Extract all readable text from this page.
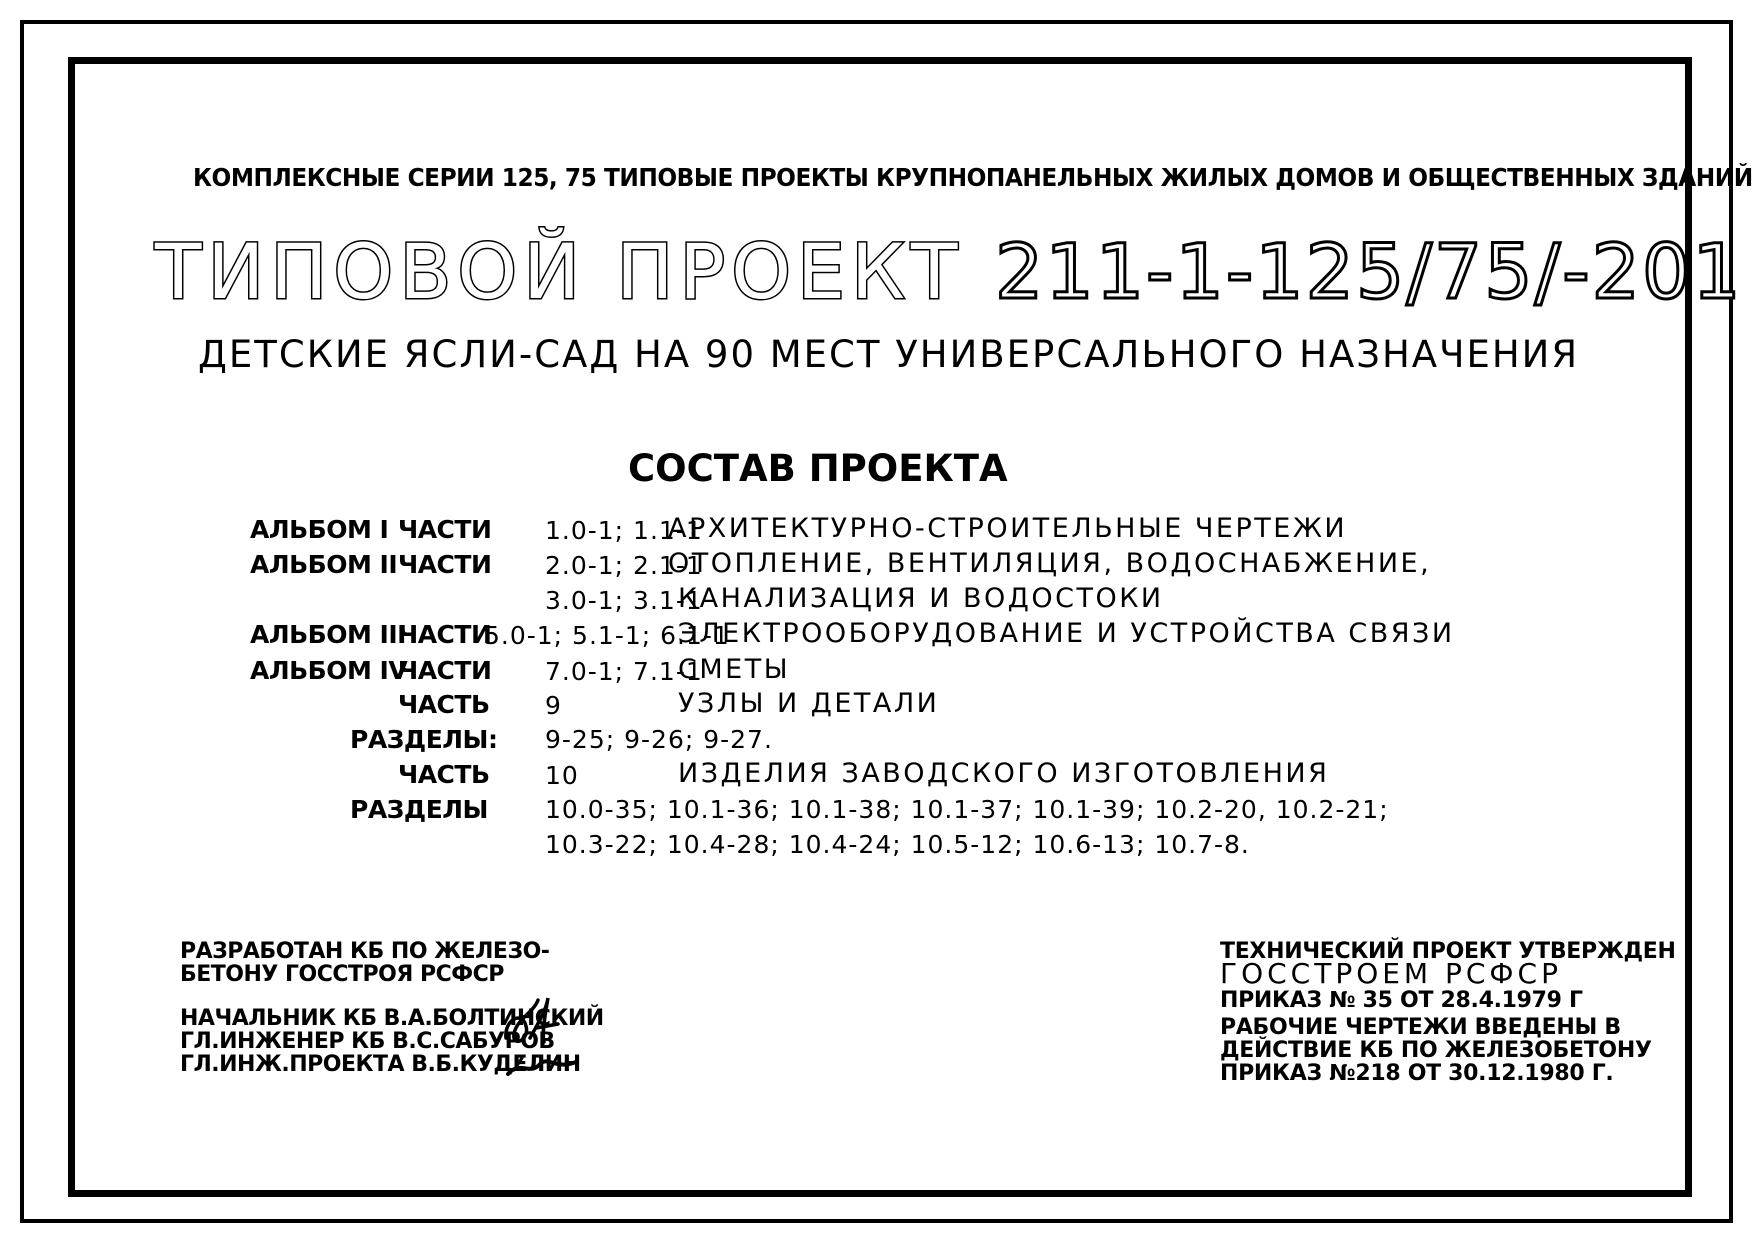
КОМПЛЕКСНЫЕ СЕРИИ 125, 75 ТИПОВЫЕ ПРОЕКТЫ КРУПНОПАНЕЛЬНЫХ ЖИЛЫХ ДОМОВ И ОБЩЕСТВЕННЫХ ЗДАНИЙ
ТИПОВОЙ ПРОЕКТ 211-1-125/75/-201
ДЕТСКИЕ ЯСЛИ-САД НА 90 МЕСТ УНИВЕРСАЛЬНОГО НАЗНАЧЕНИЯ
СОСТАВ ПРОЕКТА
АЛЬБОМ I ЧАСТИ 1.0-1; 1.1-1
АРХИТЕКТУРНО-СТРОИТЕЛЬНЫЕ ЧЕРТЕЖИ
АЛЬБОМ II ЧАСТИ 2.0-1; 2.1-1
ОТОПЛЕНИЕ, ВЕНТИЛЯЦИЯ, ВОДОСНАБЖЕНИЕ,
3.0-1; 3.1-1
КАНАЛИЗАЦИЯ И ВОДОСТОКИ
АЛЬБОМ III
ЧАСТИ
5.0-1; 5.1-1; 6.1-1
ЭЛЕКТРООБОРУДОВАНИЕ И УСТРОЙСТВА СВЯЗИ
АЛЬБОМ IV
ЧАСТИ 7.0-1; 7.1-1
СМЕТЫ
ЧАСТЬ 9	УЗЛЫ И ДЕТАЛИ
РАЗДЕЛЫ: 9-25; 9-26; 9-27.
ЧАСТЬ 10	ИЗДЕЛИЯ ЗАВОДСКОГО ИЗГОТОВЛЕНИЯ
РАЗДЕЛЫ 10.0-35; 10.1-36; 10.1-38; 10.1-37; 10.1-39; 10.2-20, 10.2-21;
10.3-22; 10.4-28; 10.4-24; 10.5-12; 10.6-13; 10.7-8.
РАЗРАБОТАН КБ ПО ЖЕЛЕЗО-
БЕТОНУ ГОССТРОЯ РСФСР
НАЧАЛЬНИК КБ В.А.БОЛТИНСКИЙ
ГЛ.ИНЖЕНЕР КБ В.С.САБУРОВ
ГЛ.ИНЖ.ПРОЕКТА В.Б.КУДЕЛИН
ТЕХНИЧЕСКИЙ ПРОЕКТ УТВЕРЖДЕН
ГОССТРОЕМ РСФСР
ПРИКАЗ № 35 ОТ 28.4.1979 Г
РАБОЧИЕ ЧЕРТЕЖИ ВВЕДЕНЫ В
ДЕЙСТВИЕ КБ ПО ЖЕЛЕЗОБЕТОНУ
ПРИКАЗ №218 ОТ 30.12.1980 Г.
